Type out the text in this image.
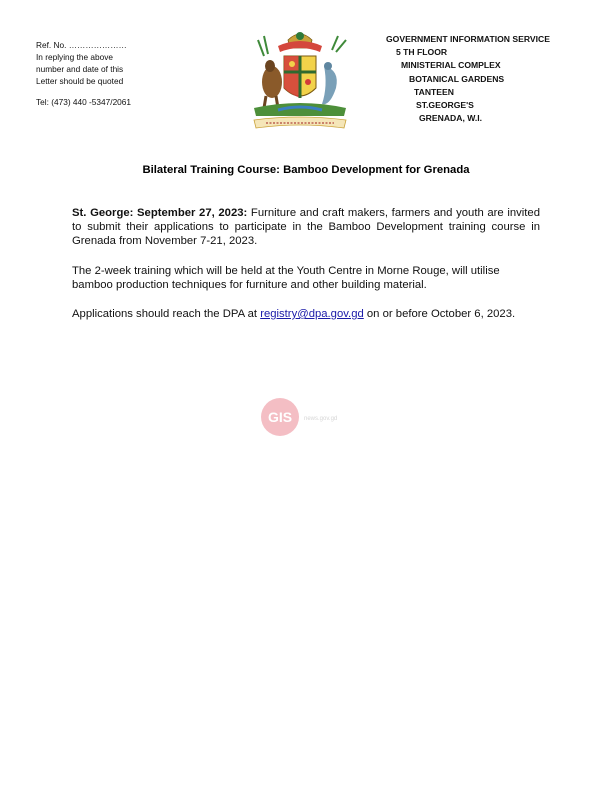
Ref. No. …………………
In replying the above
number and date of this
Letter should be quoted
Tel: (473) 440 -5347/2061
GOVERNMENT INFORMATION SERVICE
5 TH FLOOR
MINISTERIAL COMPLEX
BOTANICAL GARDENS
TANTEEN
ST.GEORGE'S
GRENADA, W.I.
Bilateral Training Course: Bamboo Development for Grenada

St. George: September 27, 2023: Furniture and craft makers, farmers and youth are invited to submit their applications to participate in the Bamboo Development training course in Grenada from November 7-21, 2023.

The 2-week training which will be held at the Youth Centre in Morne Rouge, will utilise bamboo production techniques for furniture and other building material.

Applications should reach the DPA at registry@dpa.gov.gd on or before October 6, 2023.

GIS news.gov.gd
